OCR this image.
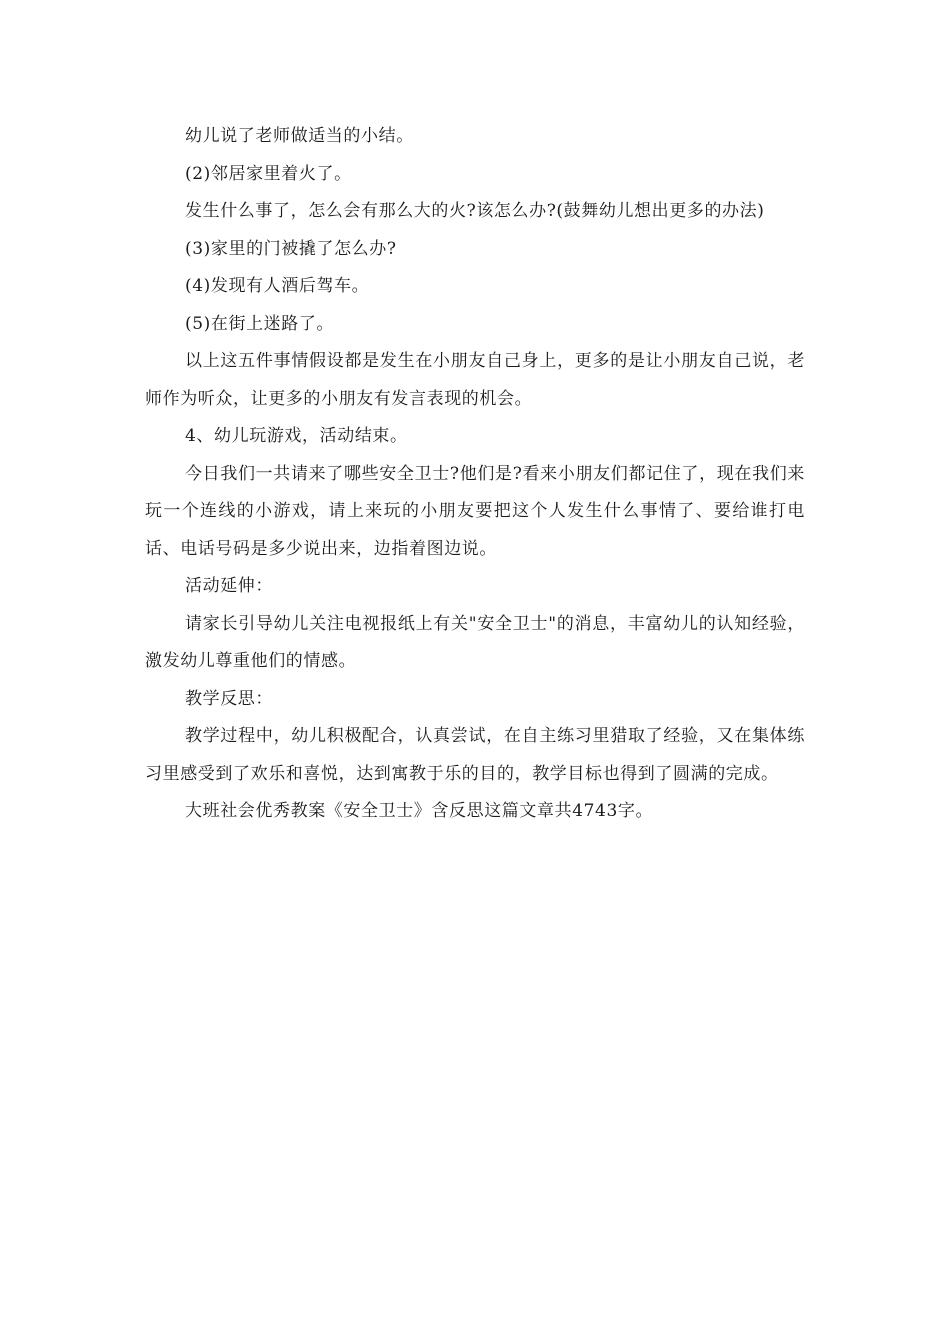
幼儿说了老师做适当的小结。

(2)邻居家里着火了。

发生什么事了，怎么会有那么大的火?该怎么办?(鼓舞幼儿想出更多的办法)

(3)家里的门被撬了怎么办?

(4)发现有人酒后驾车。

(5)在街上迷路了。

以上这五件事情假设都是发生在小朋友自己身上，更多的是让小朋友自己说，老师作为听众，让更多的小朋友有发言表现的机会。

4、幼儿玩游戏，活动结束。

今日我们一共请来了哪些安全卫士?他们是?看来小朋友们都记住了，现在我们来玩一个连线的小游戏，请上来玩的小朋友要把这个人发生什么事情了、要给谁打电话、电话号码是多少说出来，边指着图边说。

活动延伸：

请家长引导幼儿关注电视报纸上有关"安全卫士"的消息，丰富幼儿的认知经验，激发幼儿尊重他们的情感。

教学反思：

教学过程中，幼儿积极配合，认真尝试，在自主练习里猎取了经验，又在集体练习里感受到了欢乐和喜悦，达到寓教于乐的目的，教学目标也得到了圆满的完成。

大班社会优秀教案《安全卫士》含反思这篇文章共4743字。
